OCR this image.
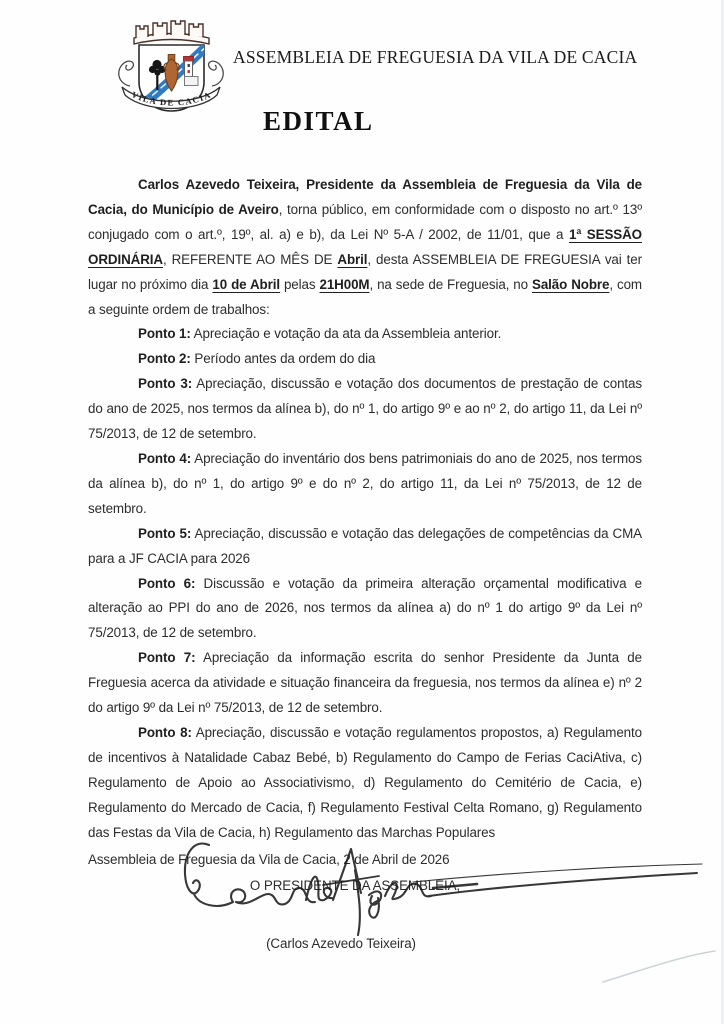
VILA DE CACIA
ASSEMBLEIA DE FREGUESIA DA VILA DE CACIA
EDITAL

Carlos Azevedo Teixeira, Presidente da Assembleia de Freguesia da Vila de Cacia, do Município de Aveiro, torna público, em conformidade com o disposto no art.º 13º conjugado com o art.º, 19º, al. a) e b), da Lei Nº 5-A / 2002, de 11/01, que a 1ª SESSÃO ORDINÁRIA, REFERENTE AO MÊS DE Abril, desta ASSEMBLEIA DE FREGUESIA vai ter lugar no próximo dia 10 de Abril pelas 21H00M, na sede de Freguesia, no Salão Nobre, com a seguinte ordem de trabalhos:

Ponto 1: Apreciação e votação da ata da Assembleia anterior.

Ponto 2: Período antes da ordem do dia

Ponto 3: Apreciação, discussão e votação dos documentos de prestação de contas do ano de 2025, nos termos da alínea b), do nº 1, do artigo 9º e ao nº 2, do artigo 11, da Lei nº 75/2013, de 12 de setembro.

Ponto 4: Apreciação do inventário dos bens patrimoniais do ano de 2025, nos termos da alínea b), do nº 1, do artigo 9º e do nº 2, do artigo 11, da Lei nº 75/2013, de 12 de setembro.

Ponto 5: Apreciação, discussão e votação das delegações de competências da CMA para a JF CACIA para 2026

Ponto 6: Discussão e votação da primeira alteração orçamental modificativa e alteração ao PPI do ano de 2026, nos termos da alínea a) do nº 1 do artigo 9º da Lei nº 75/2013, de 12 de setembro.

Ponto 7: Apreciação da informação escrita do senhor Presidente da Junta de Freguesia acerca da atividade e situação financeira da freguesia, nos termos da alínea e) nº 2 do artigo 9º da Lei nº 75/2013, de 12 de setembro.

Ponto 8: Apreciação, discussão e votação regulamentos propostos, a) Regulamento de incentivos à Natalidade Cabaz Bebé, b) Regulamento do Campo de Ferias CaciAtiva, c) Regulamento de Apoio ao Associativismo, d) Regulamento do Cemitério de Cacia, e) Regulamento do Mercado de Cacia, f) Regulamento Festival Celta Romano, g) Regulamento das Festas da Vila de Cacia, h) Regulamento das Marchas Populares

Assembleia de Freguesia da Vila de Cacia, 2 de Abril de 2026

O PRESIDENTE DA ASSEMBLEIA,

(Carlos Azevedo Teixeira)
